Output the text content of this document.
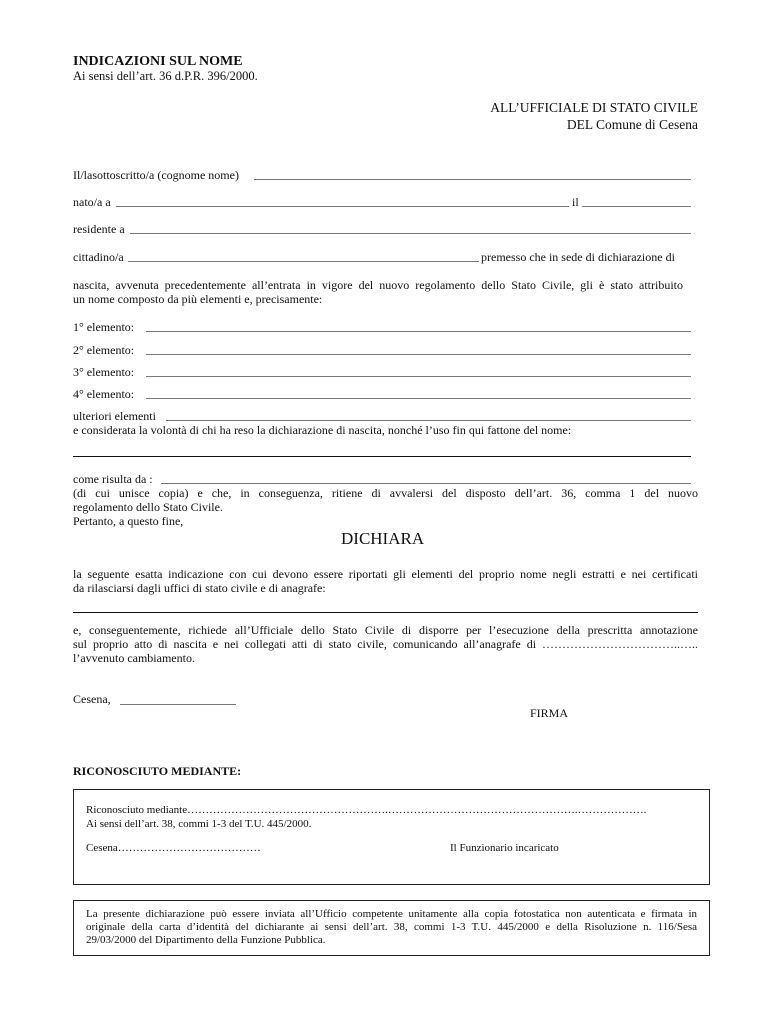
INDICAZIONI SUL NOME
Ai sensi dell’art. 36 d.P.R. 396/2000.
ALL’UFFICIALE DI STATO CIVILE
DEL Comune di Cesena
Il/lasottoscritto/a (cognome nome)
nato/a a	il
residente a
cittadino/a	premesso che in sede di dichiarazione di
nascita, avvenuta precedentemente all’entrata in vigore del nuovo regolamento dello Stato Civile, gli è stato attribuito
un nome composto da più elementi e, precisamente:
1° elemento:
2° elemento:
3° elemento:
4° elemento:
ulteriori elementi
e considerata la volontà di chi ha reso la dichiarazione di nascita, nonché l’uso fin qui fattone del nome:
come risulta da :
(di cui unisce copia) e che, in conseguenza, ritiene di avvalersi del disposto dell’art. 36, comma 1 del nuovo
regolamento dello Stato Civile.
Pertanto, a questo fine,
DICHIARA
la seguente esatta indicazione con cui devono essere riportati gli elementi del proprio nome negli estratti e nei certificati
da rilasciarsi dagli uffici di stato civile e di anagrafe:
e, conseguentemente, richiede all’Ufficiale dello Stato Civile di disporre per l’esecuzione della prescritta annotazione
sul proprio atto di nascita e nei collegati atti di stato civile, comunicando all’anagrafe di ……………………………..…..
l’avvenuto cambiamento.
Cesena,
FIRMA
RICONOSCIUTO MEDIANTE:
Riconosciuto mediante……………………………………………….…………………………………………….……………….
Ai sensi dell’art. 38, commi 1-3 del T.U. 445/2000.
Cesena…………………………………	Il Funzionario incaricato
La presente dichiarazione può essere inviata all’Ufficio competente unitamente alla copia fotostatica non autenticata e firmata in
originale della carta d’identità del dichiarante ai sensi dell’art. 38, commi 1-3 T.U. 445/2000 e della Risoluzione n. 116/Sesa
29/03/2000 del Dipartimento della Funzione Pubblica.
